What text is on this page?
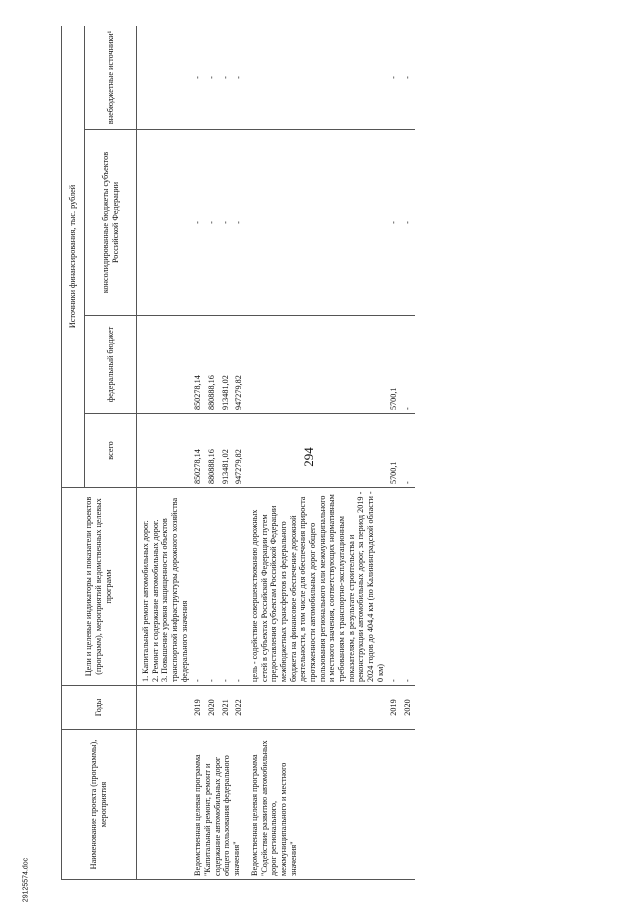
294
29125574.doc
Наименование проекта (программы), мероприятия	Годы	Цели и целевые индикаторы и показатели проектов (программ), мероприятий ведомственных целевых программ	Источники финансирования, тыс. рублей			
			всего	федеральный бюджет	консолидированные бюджеты субъектов Российской Федерации	внебюджетные источники¹
		1. Капитальный ремонт автомобильных дорог.
2. Ремонт и содержание автомобильных дорог.
3. Повышение уровня защищенности объектов транспортной инфраструктуры дорожного хозяйства федерального значения				
Ведомственная целевая программа "Капитальный ремонт, ремонт и содержание автомобильных дорог общего пользования федерального значения"	2019	-	850278,14	850278,14	-	-
	2020	-	880888,16	880888,16	-	-
	2021	-	913481,02	913481,02	-	-
	2022	-	947279,82	947279,82	-	-
Ведомственная целевая программа "Содействие развитию автомобильных дорог регионального, межмуниципального и местного значения"		цель - содействие совершенствованию дорожных сетей в субъектах Российской Федерации путем предоставления субъектам Российской Федерации межбюджетных трансфертов из федерального бюджета на финансовое обеспечение дорожной деятельности, в том числе для обеспечения прироста протяженности автомобильных дорог общего пользования регионального или межмуниципального и местного значения, соответствующих нормативным требованиям к транспортно-эксплуатационным показателям, в результате строительства и реконструкции автомобильных дорог, за период 2019 - 2024 годов до 404,4 км (по Калининградской области - 0 км)				
	2019	-	5700,1	5700,1	-	-
	2020	-	-	-	-	-
